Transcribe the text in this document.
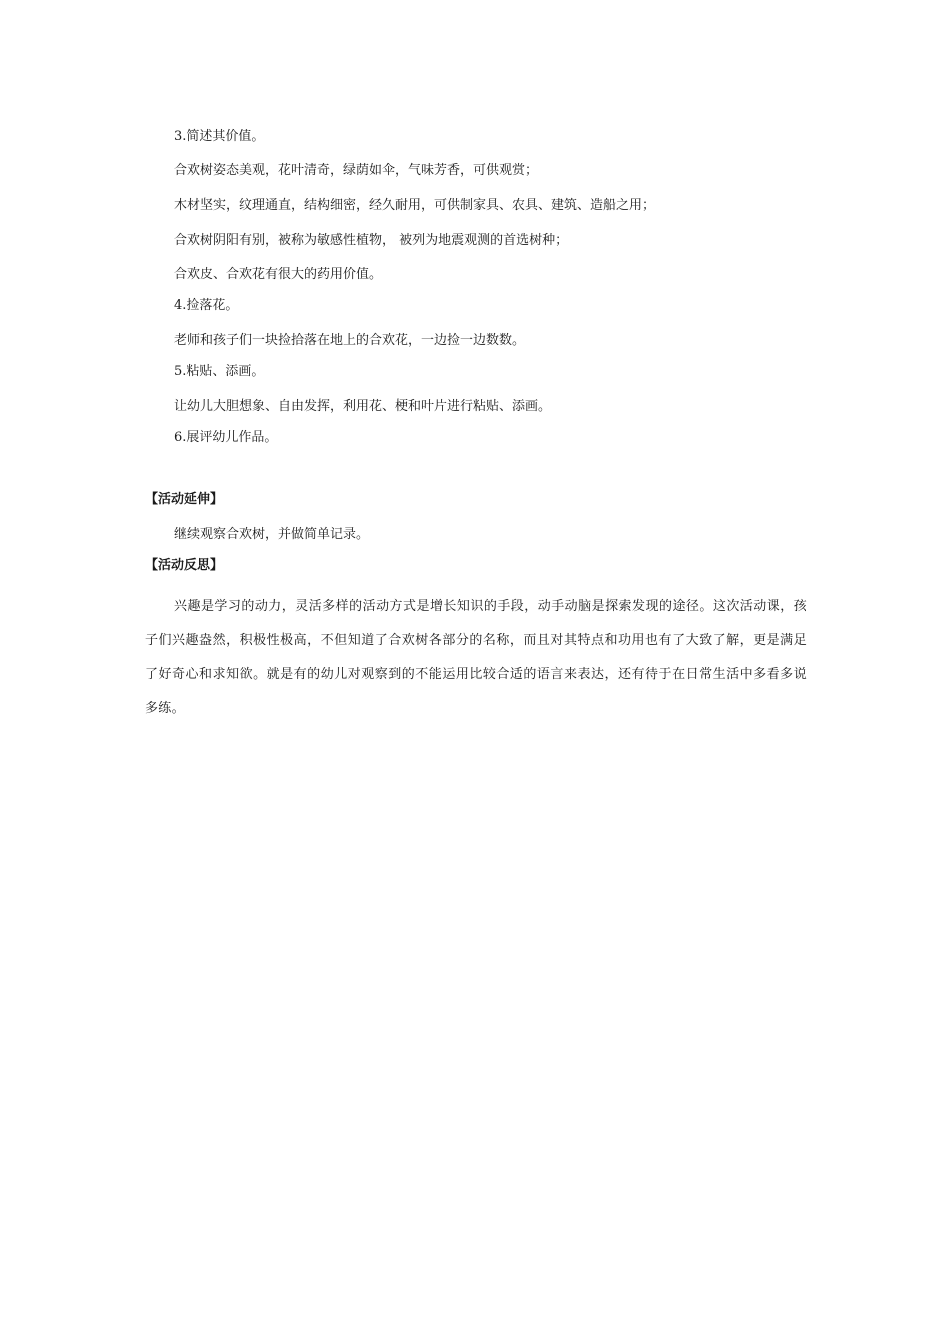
3.简述其价值。
合欢树姿态美观，花叶清奇，绿荫如伞，气味芳香，可供观赏；
木材坚实，纹理通直，结构细密，经久耐用，可供制家具、农具、建筑、造船之用；
合欢树阴阳有别，被称为敏感性植物， 被列为地震观测的首选树种；
合欢皮、合欢花有很大的药用价值。
4.捡落花。
老师和孩子们一块捡拾落在地上的合欢花，一边捡一边数数。
5.粘贴、添画。
让幼儿大胆想象、自由发挥，利用花、梗和叶片进行粘贴、添画。
6.展评幼儿作品。
【活动延伸】
继续观察合欢树，并做简单记录。
【活动反思】
兴趣是学习的动力，灵活多样的活动方式是增长知识的手段，动手动脑是探索发现的途径。这次活动课，孩子们兴趣盎然，积极性极高，不但知道了合欢树各部分的名称，而且对其特点和功用也有了大致了解，更是满足了好奇心和求知欲。就是有的幼儿对观察到的不能运用比较合适的语言来表达，还有待于在日常生活中多看多说多练。
